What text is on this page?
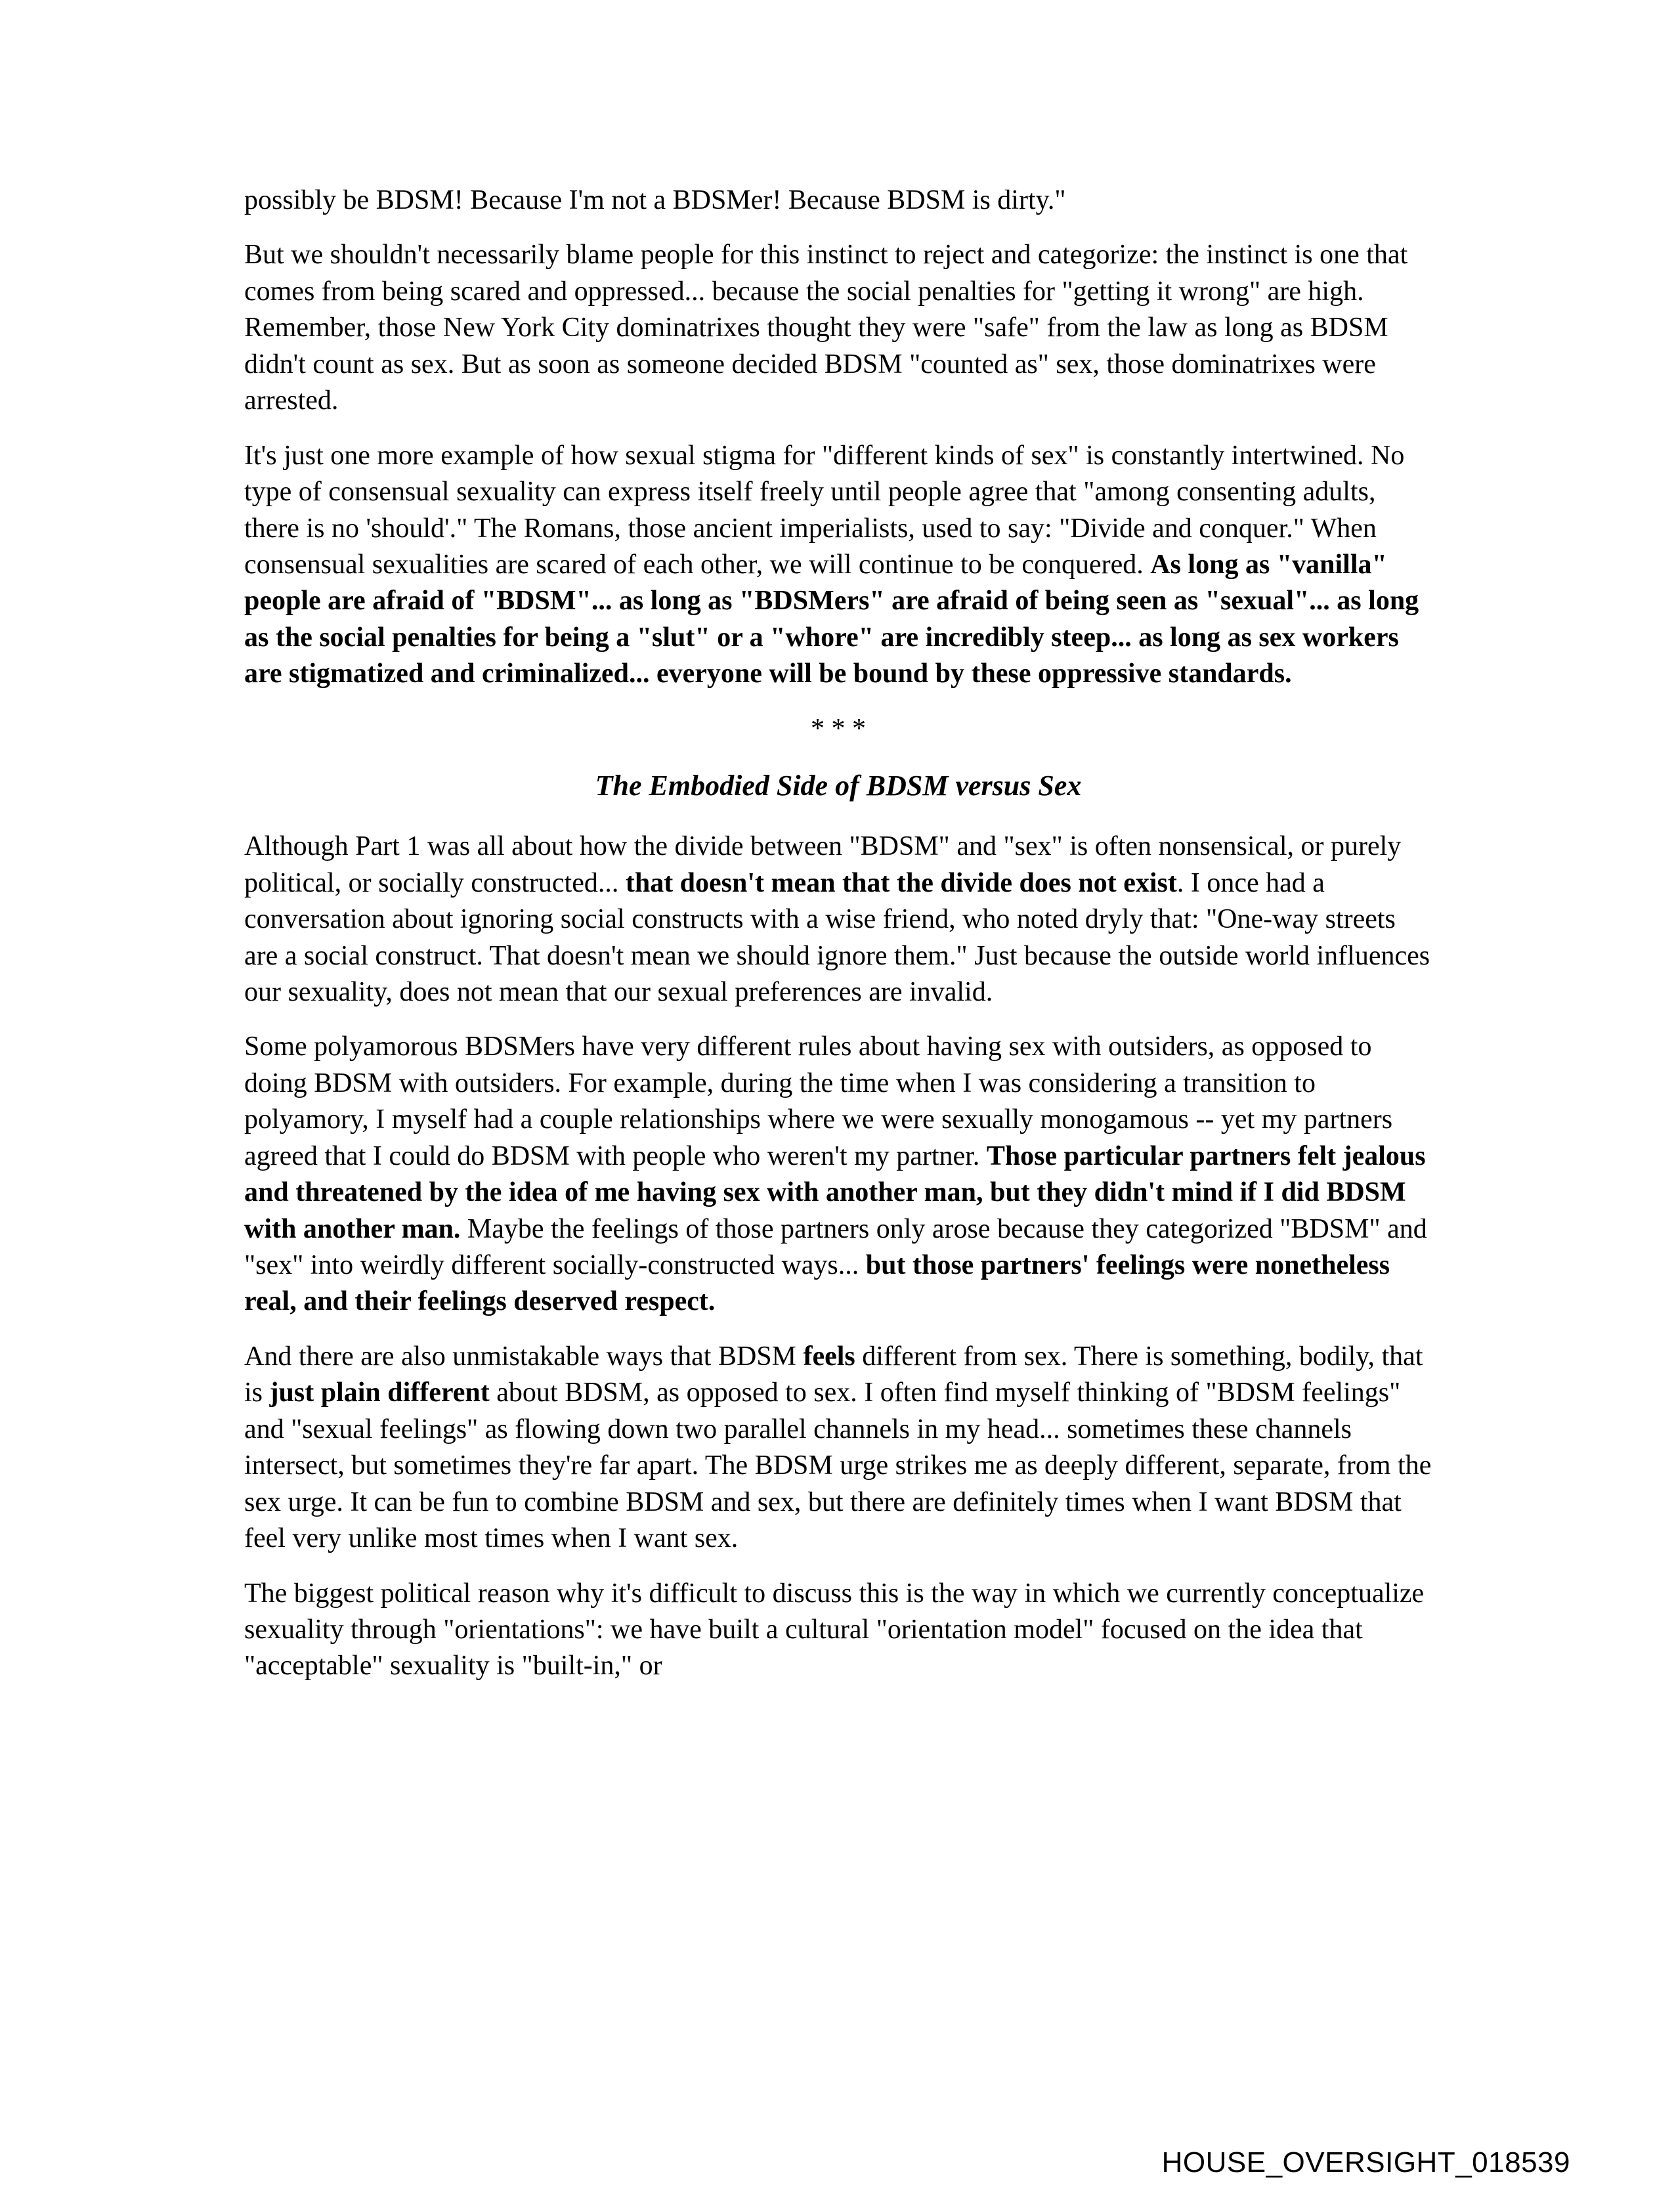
possibly be BDSM! Because I'm not a BDSMer! Because BDSM is dirty."

But we shouldn't necessarily blame people for this instinct to reject and categorize: the instinct is one that comes from being scared and oppressed... because the social penalties for "getting it wrong" are high. Remember, those New York City dominatrixes thought they were "safe" from the law as long as BDSM didn't count as sex. But as soon as someone decided BDSM "counted as" sex, those dominatrixes were arrested.

It's just one more example of how sexual stigma for "different kinds of sex" is constantly intertwined. No type of consensual sexuality can express itself freely until people agree that "among consenting adults, there is no 'should'." The Romans, those ancient imperialists, used to say: "Divide and conquer." When consensual sexualities are scared of each other, we will continue to be conquered. As long as "vanilla" people are afraid of "BDSM"... as long as "BDSMers" are afraid of being seen as "sexual"... as long as the social penalties for being a "slut" or a "whore" are incredibly steep... as long as sex workers are stigmatized and criminalized... everyone will be bound by these oppressive standards.

* * *
The Embodied Side of BDSM versus Sex

Although Part 1 was all about how the divide between "BDSM" and "sex" is often nonsensical, or purely political, or socially constructed... that doesn't mean that the divide does not exist. I once had a conversation about ignoring social constructs with a wise friend, who noted dryly that: "One-way streets are a social construct. That doesn't mean we should ignore them." Just because the outside world influences our sexuality, does not mean that our sexual preferences are invalid.

Some polyamorous BDSMers have very different rules about having sex with outsiders, as opposed to doing BDSM with outsiders. For example, during the time when I was considering a transition to polyamory, I myself had a couple relationships where we were sexually monogamous -- yet my partners agreed that I could do BDSM with people who weren't my partner. Those particular partners felt jealous and threatened by the idea of me having sex with another man, but they didn't mind if I did BDSM with another man. Maybe the feelings of those partners only arose because they categorized "BDSM" and "sex" into weirdly different socially-constructed ways... but those partners' feelings were nonetheless real, and their feelings deserved respect.

And there are also unmistakable ways that BDSM feels different from sex. There is something, bodily, that is just plain different about BDSM, as opposed to sex. I often find myself thinking of "BDSM feelings" and "sexual feelings" as flowing down two parallel channels in my head... sometimes these channels intersect, but sometimes they're far apart. The BDSM urge strikes me as deeply different, separate, from the sex urge. It can be fun to combine BDSM and sex, but there are definitely times when I want BDSM that feel very unlike most times when I want sex.

The biggest political reason why it's difficult to discuss this is the way in which we currently conceptualize sexuality through "orientations": we have built a cultural "orientation model" focused on the idea that "acceptable" sexuality is "built-in," or

HOUSE_OVERSIGHT_018539
